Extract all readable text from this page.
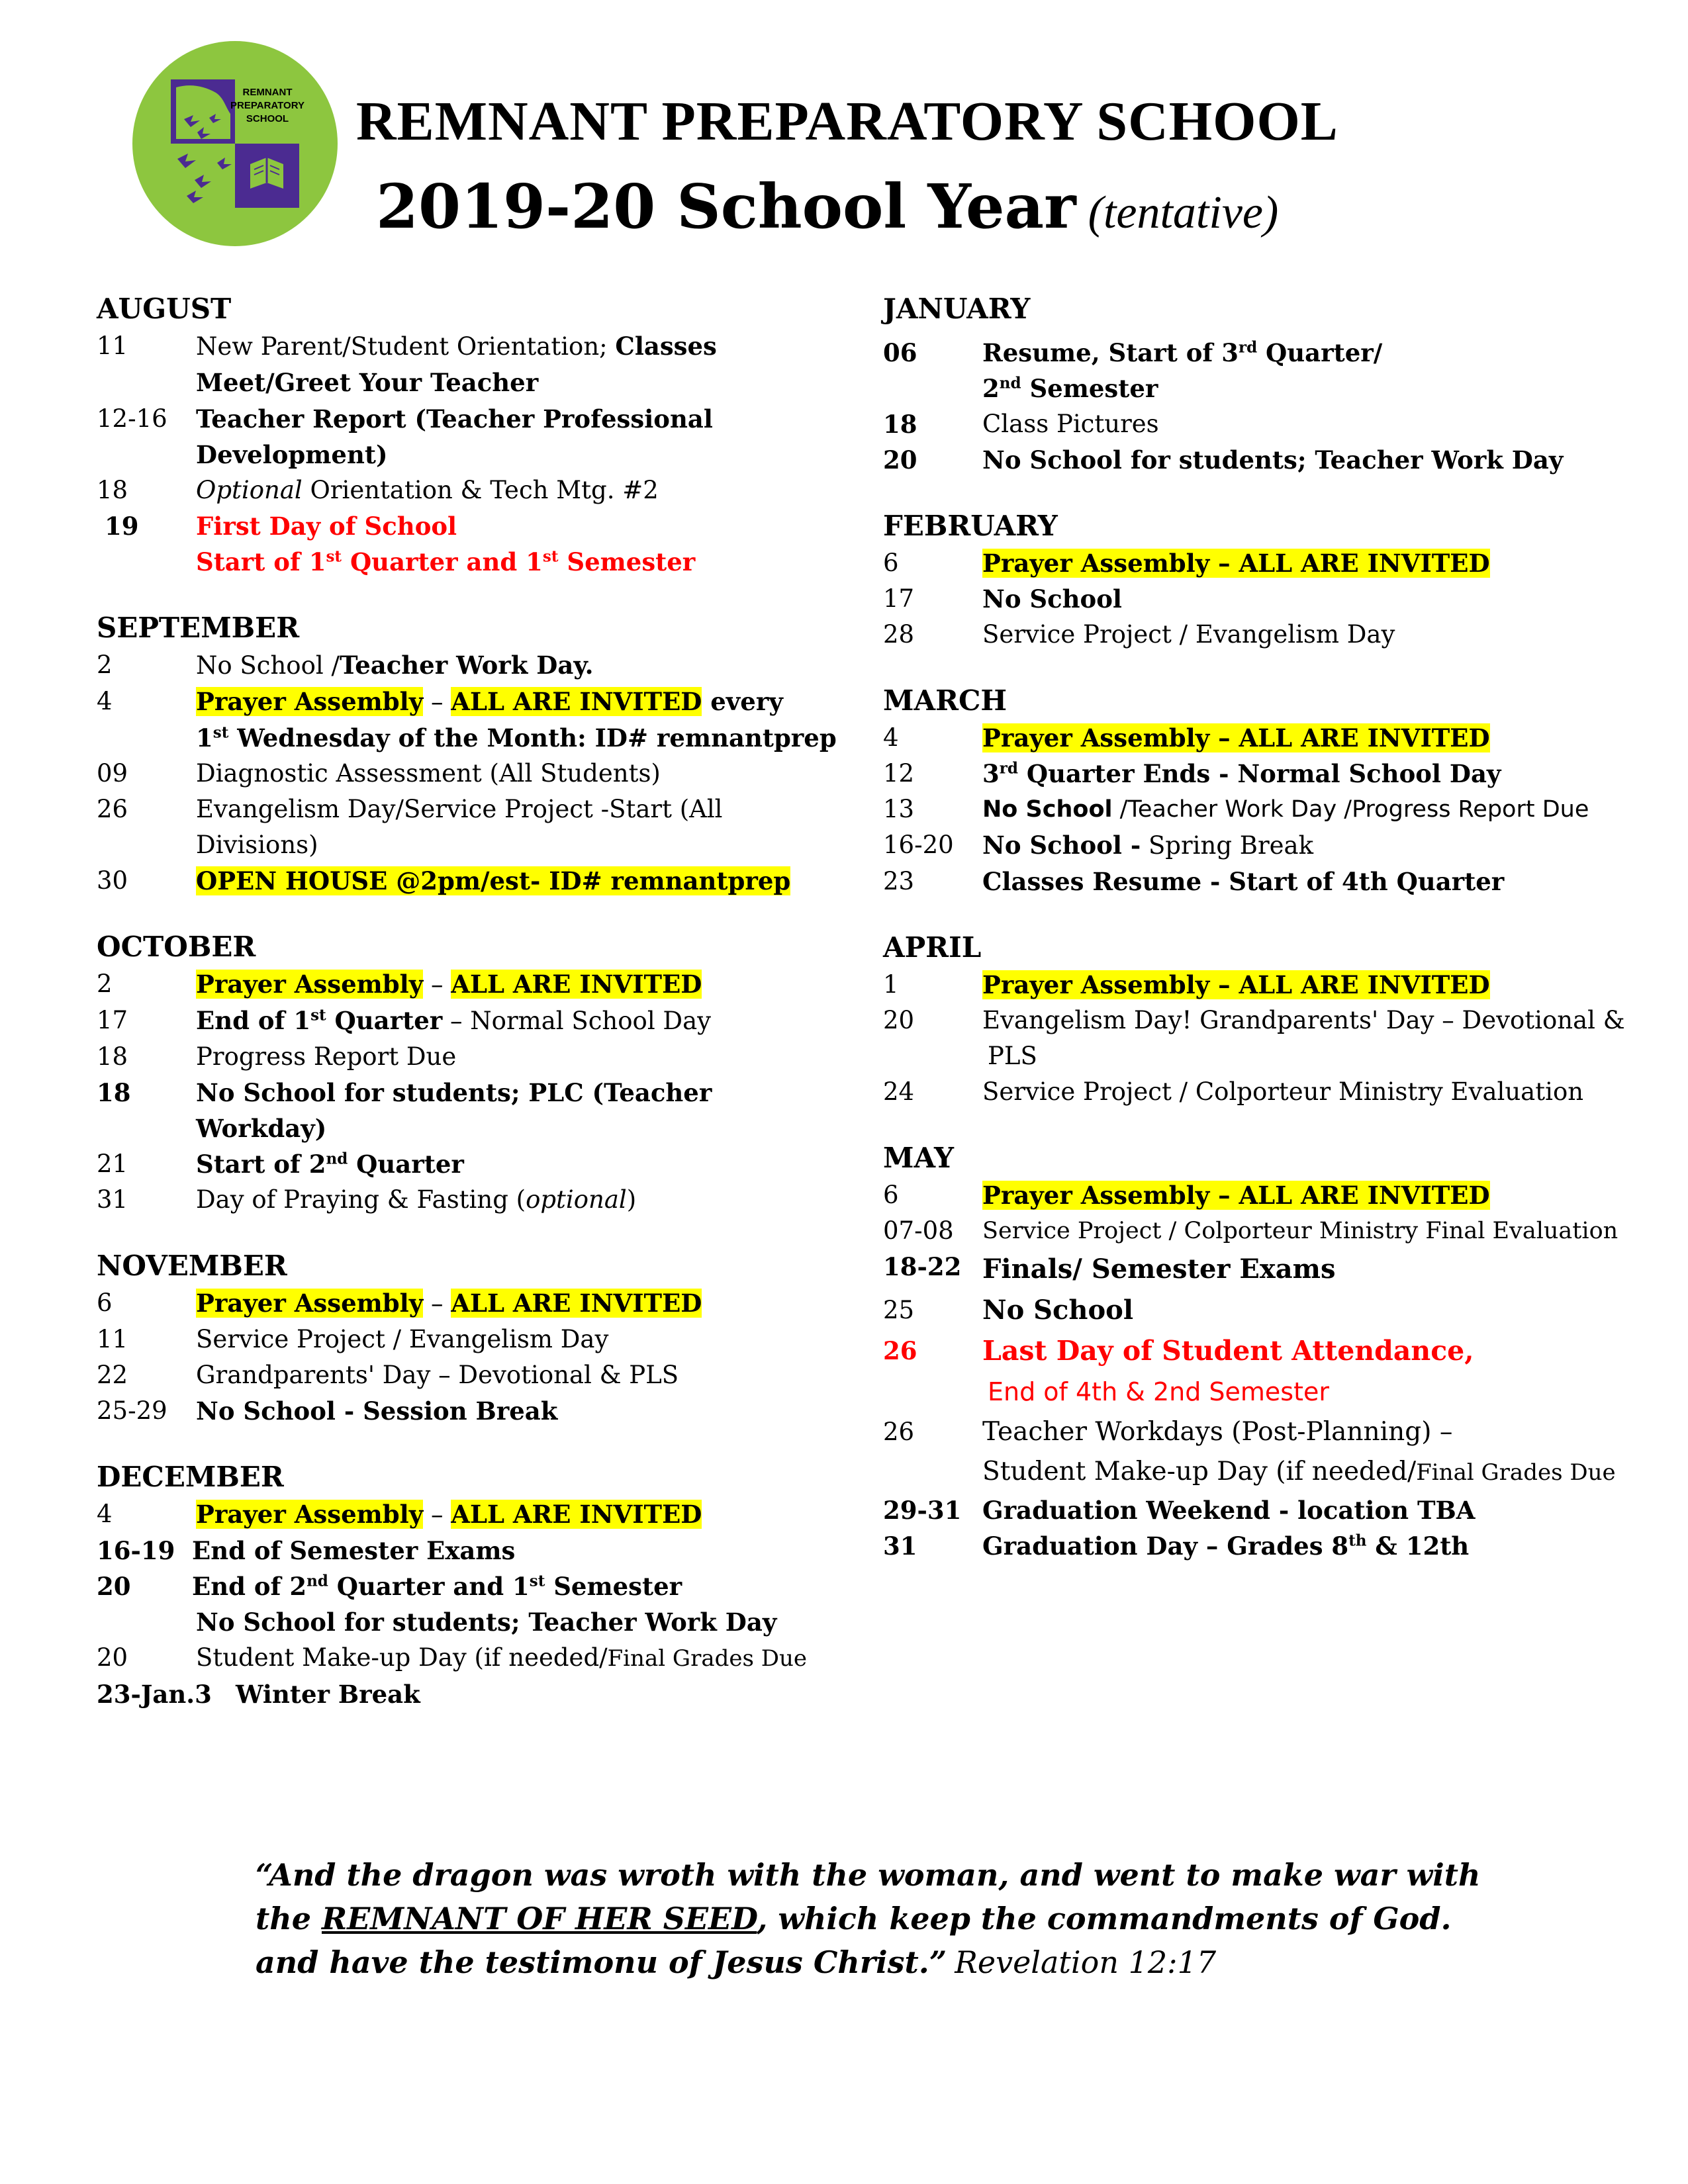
REMNANT
PREPARATORY
SCHOOL REMNANT PREPARATORY SCHOOL
2019-20 School Year (tentative)
AUGUST
11	New Parent/Student Orientation; Classes
Meet/Greet Your Teacher
12-16	Teacher Report (Teacher Professional
Development)
18	Optional Orientation & Tech Mtg. #2
19	First Day of School
Start of 1st Quarter and 1st Semester
SEPTEMBER
2	No School /Teacher Work Day.
4	Prayer Assembly – ALL ARE INVITED every
1st Wednesday of the Month: ID# remnantprep
09	Diagnostic Assessment (All Students)
26	Evangelism Day/Service Project -Start (All
Divisions)
30	OPEN HOUSE @2pm/est- ID# remnantprep
OCTOBER
2	Prayer Assembly – ALL ARE INVITED
17	End of 1st Quarter – Normal School Day
18	Progress Report Due
18	No School for students; PLC (Teacher
Workday)
21	Start of 2nd Quarter
31	Day of Praying & Fasting (optional)
NOVEMBER
6	Prayer Assembly – ALL ARE INVITED
11	Service Project / Evangelism Day
22	Grandparents' Day – Devotional & PLS
25-29	No School - Session Break
DECEMBER
4	Prayer Assembly – ALL ARE INVITED
16-19 End of Semester Exams
20	End of 2nd Quarter and 1st Semester
No School for students; Teacher Work Day
20	Student Make-up Day (if needed/Final Grades Due
23-Jan.3 Winter Break
JANUARY
06	Resume, Start of 3rd Quarter/
2nd Semester
18	Class Pictures
20	No School for students; Teacher Work Day
FEBRUARY
6	Prayer Assembly – ALL ARE INVITED
17	No School
28	Service Project / Evangelism Day
MARCH
4	Prayer Assembly – ALL ARE INVITED
12	3rd Quarter Ends - Normal School Day
13	No School /Teacher Work Day /Progress Report Due
16-20	No School - Spring Break
23	Classes Resume - Start of 4th Quarter
APRIL
1	Prayer Assembly – ALL ARE INVITED
20	Evangelism Day! Grandparents' Day – Devotional &
PLS
24	Service Project / Colporteur Ministry Evaluation
MAY
6	Prayer Assembly – ALL ARE INVITED
07-08	Service Project / Colporteur Ministry Final Evaluation
18-22 Finals/ Semester Exams
25	No School
26	Last Day of Student Attendance,
End of 4th & 2nd Semester
26	Teacher Workdays (Post-Planning) –
Student Make-up Day (if needed/Final Grades Due
29-31 Graduation Weekend - location TBA
31	Graduation Day – Grades 8th & 12th
“And the dragon was wroth with the woman, and went to make war with the REMNANT OF HER SEED, which keep the commandments of God. and have the testimonu of Jesus Christ.” Revelation 12:17
